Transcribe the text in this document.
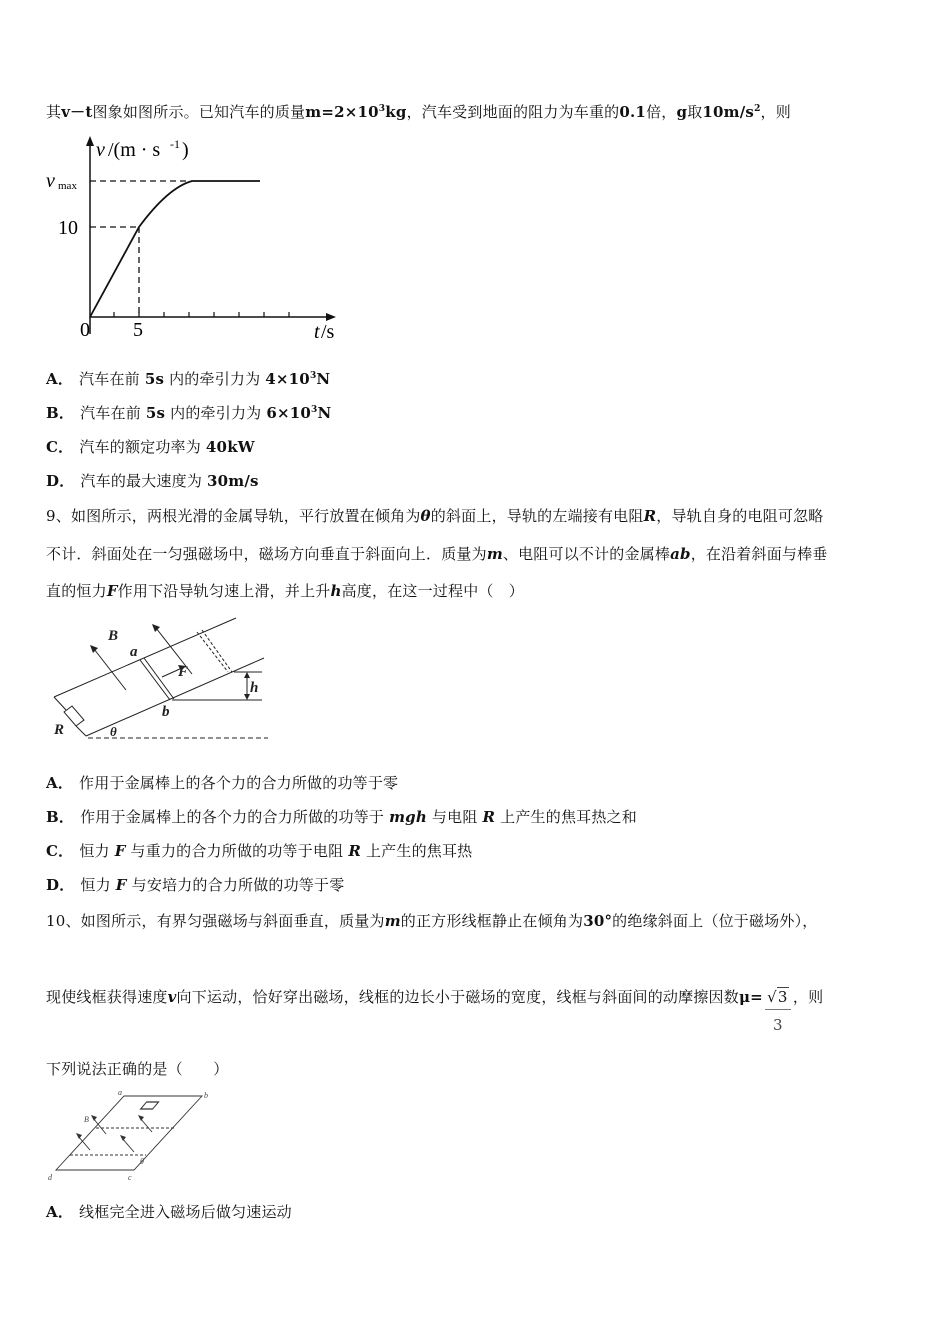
其v－t图象如图所示。已知汽车的质量$m=2\times 10^3kg$，汽车受到地面的阻力为车重的0.1倍，g取$10m/s^2$，则
v /(m · s -1 )
v max
10
0 5	t /s
A． 汽车在前 5s 内的牵引力为 $4\times 10^3N$
B． 汽车在前 5s 内的牵引力为 $6\times 10^3N$
C． 汽车的额定功率为 40kW
D． 汽车的最大速度为 30m/s
9、如图所示，两根光滑的金属导轨，平行放置在倾角为θ的斜面上，导轨的左端接有电阻R，导轨自身的电阻可忽略
不计．斜面处在一匀强磁场中，磁场方向垂直于斜面向上．质量为m、电阻可以不计的金属棒ab，在沿着斜面与棒垂
直的恒力F作用下沿导轨匀速上滑，并上升h高度，在这一过程中（　）
B
a
F
h
b
R	θ
A． 作用于金属棒上的各个力的合力所做的功等于零
B． 作用于金属棒上的各个力的合力所做的功等于 mgh 与电阻 R 上产生的焦耳热之和
C． 恒力 F 与重力的合力所做的功等于电阻 R 上产生的焦耳热
D． 恒力 F 与安培力的合力所做的功等于零
10、如图所示，有界匀强磁场与斜面垂直，质量为m的正方形线框静止在倾角为30°的绝缘斜面上（位于磁场外），
现使线框获得速度v向下运动，恰好穿出磁场，线框的边长小于磁场的宽度，线框与斜面间的动摩擦因数$\mu= \frac{√3}{3}$ ，则
下列说法正确的是（　　）
a	b
B
θ
d	c
A． 线框完全进入磁场后做匀速运动
